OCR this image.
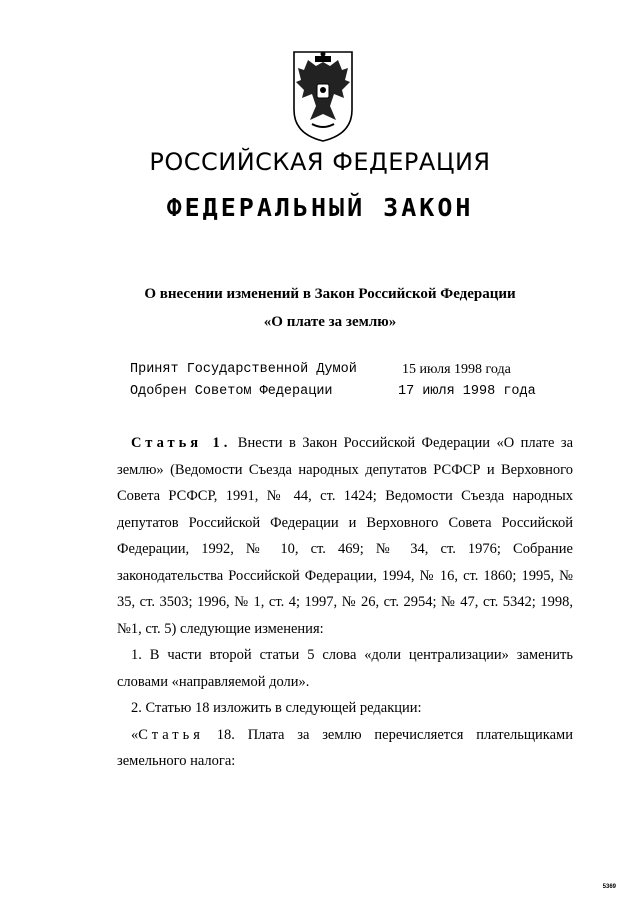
РОССИЙСКАЯ ФЕДЕРАЦИЯ
ФЕДЕРАЛЬНЫЙ ЗАКОН
О внесении изменений в Закон Российской Федерации
«О плате за землю»
Принят Государственной Думой	15 июля 1998 года
Одобрен Советом Федерации	17 июля 1998 года

Статья 1. Внести в Закон Российской Федерации «О плате за землю» (Ведомости Съезда народных депутатов РСФСР и Верховного Совета РСФСР, 1991, № 44, ст. 1424; Ведомости Съезда народных депутатов Российской Федерации и Верховного Совета Российской Федерации, 1992, № 10, ст. 469; № 34, ст. 1976; Собрание законодательства Российской Федерации, 1994, № 16, ст. 1860; 1995, № 35, ст. 3503; 1996, № 1, ст. 4; 1997, № 26, ст. 2954; № 47, ст. 5342; 1998, №1, ст. 5) следующие изменения:

1. В части второй статьи 5 слова «доли централизации» заменить словами «направляемой доли».

2. Статью 18 изложить в следующей редакции:

«Статья 18. Плата за землю перечисляется плательщиками земельного налога:

5369
